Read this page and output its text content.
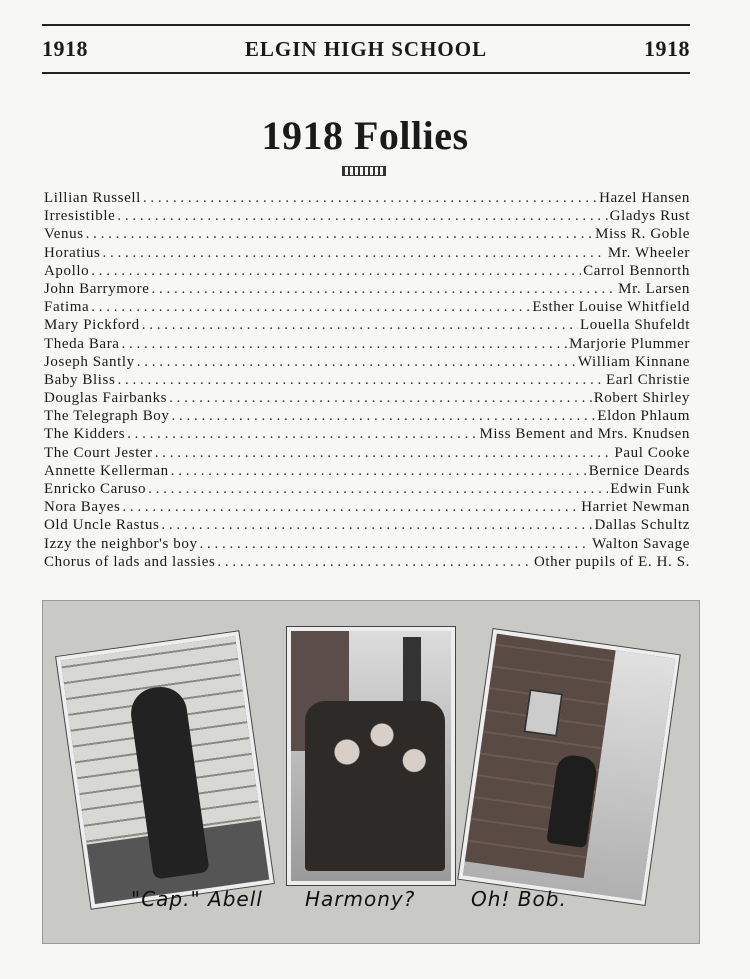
1918	ELGIN HIGH SCHOOL	1918
1918 Follies
Lillian Russell . . .	Hazel Hansen
Irresistible . . .	Gladys Rust
Venus . . .	Miss R. Goble
Horatius . . .	Mr. Wheeler
Apollo . . .	Carrol Bennorth
John Barrymore . . .	Mr. Larsen
Fatima . . .	Esther Louise Whitfield
Mary Pickford . . .	Louella Shufeldt
Theda Bara . . .	Marjorie Plummer
Joseph Santly . . .	William Kinnane
Baby Bliss . . .	Earl Christie
Douglas Fairbanks . . .	Robert Shirley
The Telegraph Boy . . .	Eldon Phlaum
The Kidders . . .	Miss Bement and Mrs. Knudsen
The Court Jester . . .	Paul Cooke
Annette Kellerman . . .	Bernice Deards
Enricko Caruso . . .	Edwin Funk
Nora Bayes . . .	Harriet Newman
Old Uncle Rastus . . .	Dallas Schultz
Izzy the neighbor's boy . . .	Walton Savage
Chorus of lads and lassies . . .	Other pupils of E. H. S.
"Cap." Abell Harmony?	Oh! Bob.
